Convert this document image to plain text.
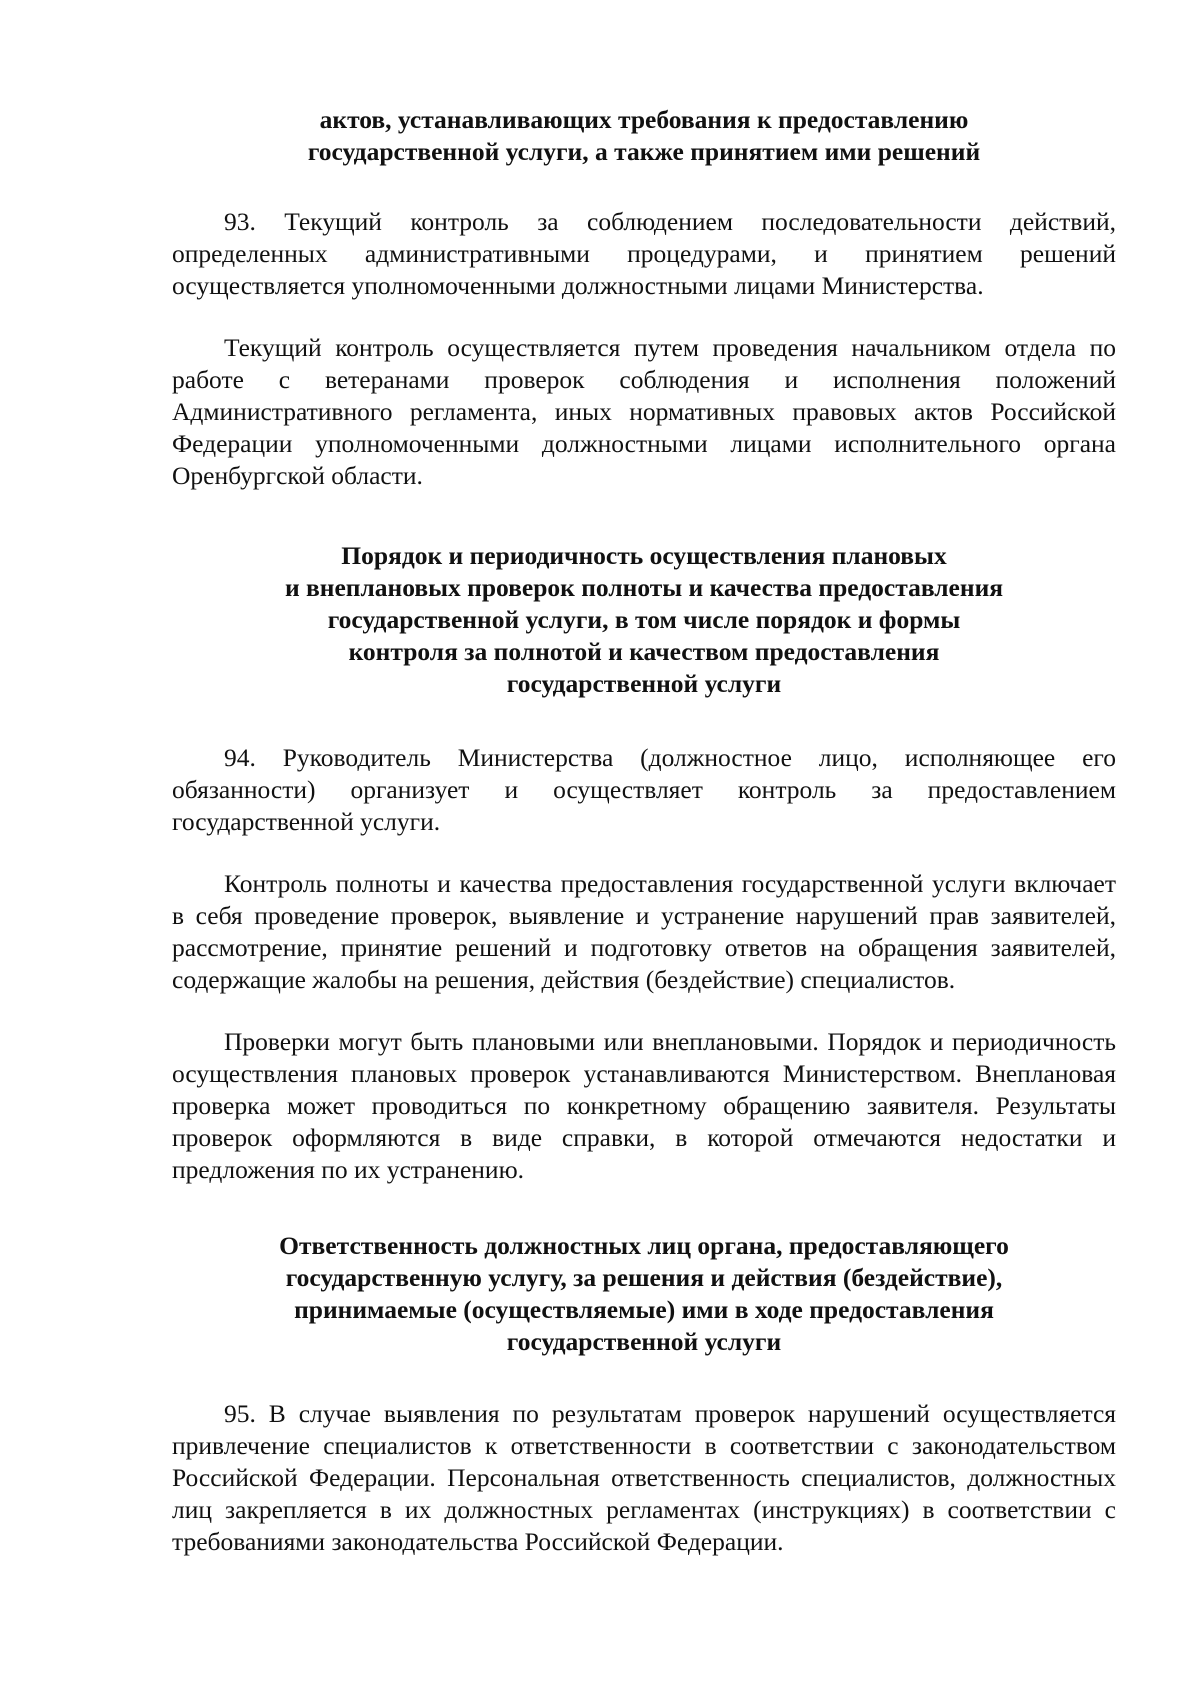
актов, устанавливающих требования к предоставлению
государственной услуги, а также принятием ими решений

93. Текущий контроль за соблюдением последовательности действий, определенных административными процедурами, и принятием решений осуществляется уполномоченными должностными лицами Министерства.

Текущий контроль осуществляется путем проведения начальником отдела по работе с ветеранами проверок соблюдения и исполнения положений Административного регламента, иных нормативных правовых актов Российской Федерации уполномоченными должностными лицами исполнительного органа Оренбургской области.

Порядок и периодичность осуществления плановых
и внеплановых проверок полноты и качества предоставления
государственной услуги, в том числе порядок и формы
контроля за полнотой и качеством предоставления
государственной услуги

94. Руководитель Министерства (должностное лицо, исполняющее его обязанности) организует и осуществляет контроль за предоставлением государственной услуги.

Контроль полноты и качества предоставления государственной услуги включает в себя проведение проверок, выявление и устранение нарушений прав заявителей, рассмотрение, принятие решений и подготовку ответов на обращения заявителей, содержащие жалобы на решения, действия (бездействие) специалистов.

Проверки могут быть плановыми или внеплановыми. Порядок и периодичность осуществления плановых проверок устанавливаются Министерством. Внеплановая проверка может проводиться по конкретному обращению заявителя. Результаты проверок оформляются в виде справки, в которой отмечаются недостатки и предложения по их устранению.

Ответственность должностных лиц органа, предоставляющего
государственную услугу, за решения и действия (бездействие),
принимаемые (осуществляемые) ими в ходе предоставления
государственной услуги

95. В случае выявления по результатам проверок нарушений осуществляется привлечение специалистов к ответственности в соответствии с законодательством Российской Федерации. Персональная ответственность специалистов, должностных лиц закрепляется в их должностных регламентах (инструкциях) в соответствии с требованиями законодательства Российской Федерации.
